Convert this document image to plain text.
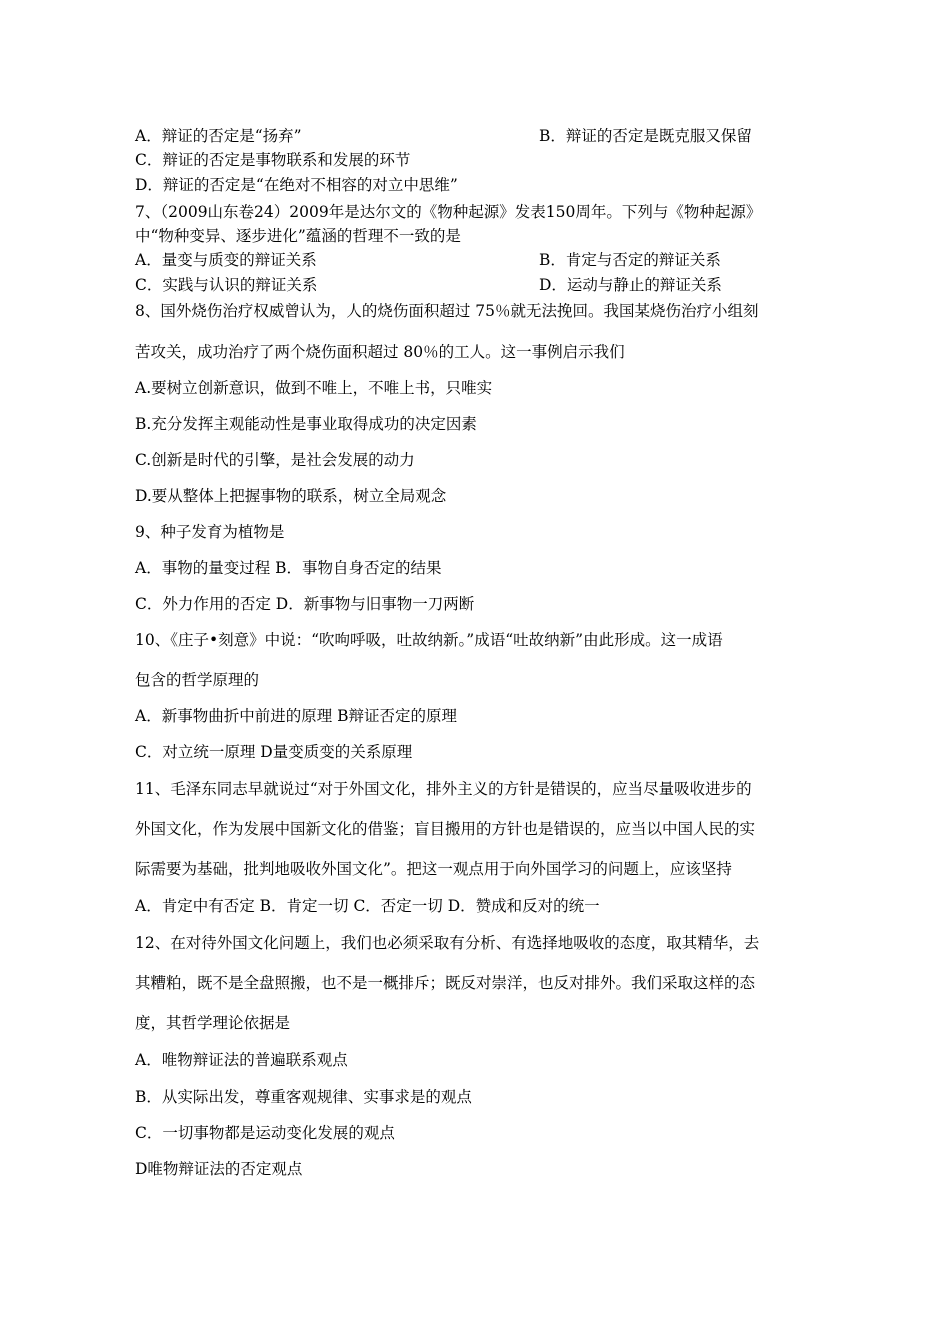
A．辩证的否定是“扬弃”	B．辩证的否定是既克服又保留
C．辩证的否定是事物联系和发展的环节
D．辩证的否定是“在绝对不相容的对立中思维”
7、（2009山东卷24）2009年是达尔文的《物种起源》发表150周年。下列与《物种起源》
中“物种变异、逐步进化”蕴涵的哲理不一致的是
A．量变与质变的辩证关系	B．肯定与否定的辩证关系
C．实践与认识的辩证关系	D．运动与静止的辩证关系
8、国外烧伤治疗权威曾认为，人的烧伤面积超过 75％就无法挽回。我国某烧伤治疗小组刻
苦攻关，成功治疗了两个烧伤面积超过 80％的工人。这一事例启示我们
A.要树立创新意识，做到不唯上，不唯上书，只唯实
B.充分发挥主观能动性是事业取得成功的决定因素
C.创新是时代的引擎，是社会发展的动力
D.要从整体上把握事物的联系，树立全局观念
9、种子发育为植物是
A．事物的量变过程 B．事物自身否定的结果
C．外力作用的否定 D．新事物与旧事物一刀两断
10、《庄子•刻意》中说：“吹呴呼吸，吐故纳新。”成语“吐故纳新”由此形成。这一成语
包含的哲学原理的
A．新事物曲折中前进的原理 B辩证否定的原理
C．对立统一原理 D量变质变的关系原理
11、毛泽东同志早就说过“对于外国文化，排外主义的方针是错误的，应当尽量吸收进步的
外国文化，作为发展中国新文化的借鉴；盲目搬用的方针也是错误的，应当以中国人民的实
际需要为基础，批判地吸收外国文化”。把这一观点用于向外国学习的问题上，应该坚持
A．肯定中有否定 B．肯定一切 C．否定一切 D．赞成和反对的统一
12、在对待外国文化问题上，我们也必须采取有分析、有选择地吸收的态度，取其精华，去
其糟粕，既不是全盘照搬，也不是一概排斥；既反对崇洋，也反对排外。我们采取这样的态
度，其哲学理论依据是
A．唯物辩证法的普遍联系观点
B．从实际出发，尊重客观规律、实事求是的观点
C．一切事物都是运动变化发展的观点
D唯物辩证法的否定观点
